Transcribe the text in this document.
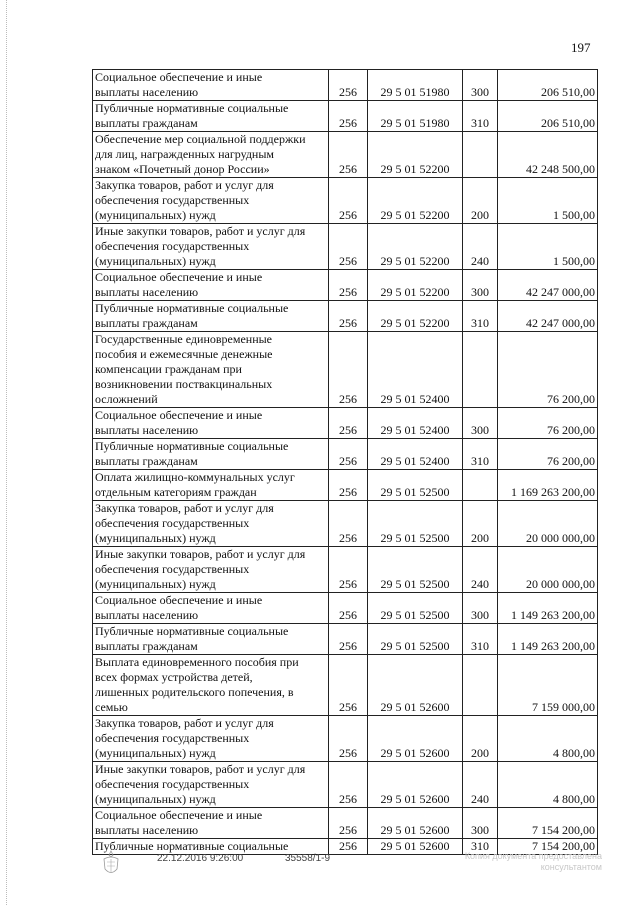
197
Социальное обеспечение и иные
выплаты населению	256	29 5 01 51980	300	206 510,00
Публичные нормативные социальные
выплаты гражданам	256	29 5 01 51980	310	206 510,00
Обеспечение мер социальной поддержки
для лиц, награжденных нагрудным
знаком «Почетный донор России»	256	29 5 01 52200		42 248 500,00
Закупка товаров, работ и услуг для
обеспечения государственных
(муниципальных) нужд	256	29 5 01 52200	200	1 500,00
Иные закупки товаров, работ и услуг для
обеспечения государственных
(муниципальных) нужд	256	29 5 01 52200	240	1 500,00
Социальное обеспечение и иные
выплаты населению	256	29 5 01 52200	300	42 247 000,00
Публичные нормативные социальные
выплаты гражданам	256	29 5 01 52200	310	42 247 000,00
Государственные единовременные
пособия и ежемесячные денежные
компенсации гражданам при
возникновении поствакцинальных
осложнений	256	29 5 01 52400		76 200,00
Социальное обеспечение и иные
выплаты населению	256	29 5 01 52400	300	76 200,00
Публичные нормативные социальные
выплаты гражданам	256	29 5 01 52400	310	76 200,00
Оплата жилищно-коммунальных услуг
отдельным категориям граждан	256	29 5 01 52500		1 169 263 200,00
Закупка товаров, работ и услуг для
обеспечения государственных
(муниципальных) нужд	256	29 5 01 52500	200	20 000 000,00
Иные закупки товаров, работ и услуг для
обеспечения государственных
(муниципальных) нужд	256	29 5 01 52500	240	20 000 000,00
Социальное обеспечение и иные
выплаты населению	256	29 5 01 52500	300	1 149 263 200,00
Публичные нормативные социальные
выплаты гражданам	256	29 5 01 52500	310	1 149 263 200,00
Выплата единовременного пособия при
всех формах устройства детей,
лишенных родительского попечения, в
семью	256	29 5 01 52600		7 159 000,00
Закупка товаров, работ и услуг для
обеспечения государственных
(муниципальных) нужд	256	29 5 01 52600	200	4 800,00
Иные закупки товаров, работ и услуг для
обеспечения государственных
(муниципальных) нужд	256	29 5 01 52600	240	4 800,00
Социальное обеспечение и иные
выплаты населению	256	29 5 01 52600	300	7 154 200,00
Публичные нормативные социальные	256	29 5 01 52600	310	7 154 200,00
22.12.2016 9:26:00	35558/1-9	Копия документа предоставлена
консультантом
